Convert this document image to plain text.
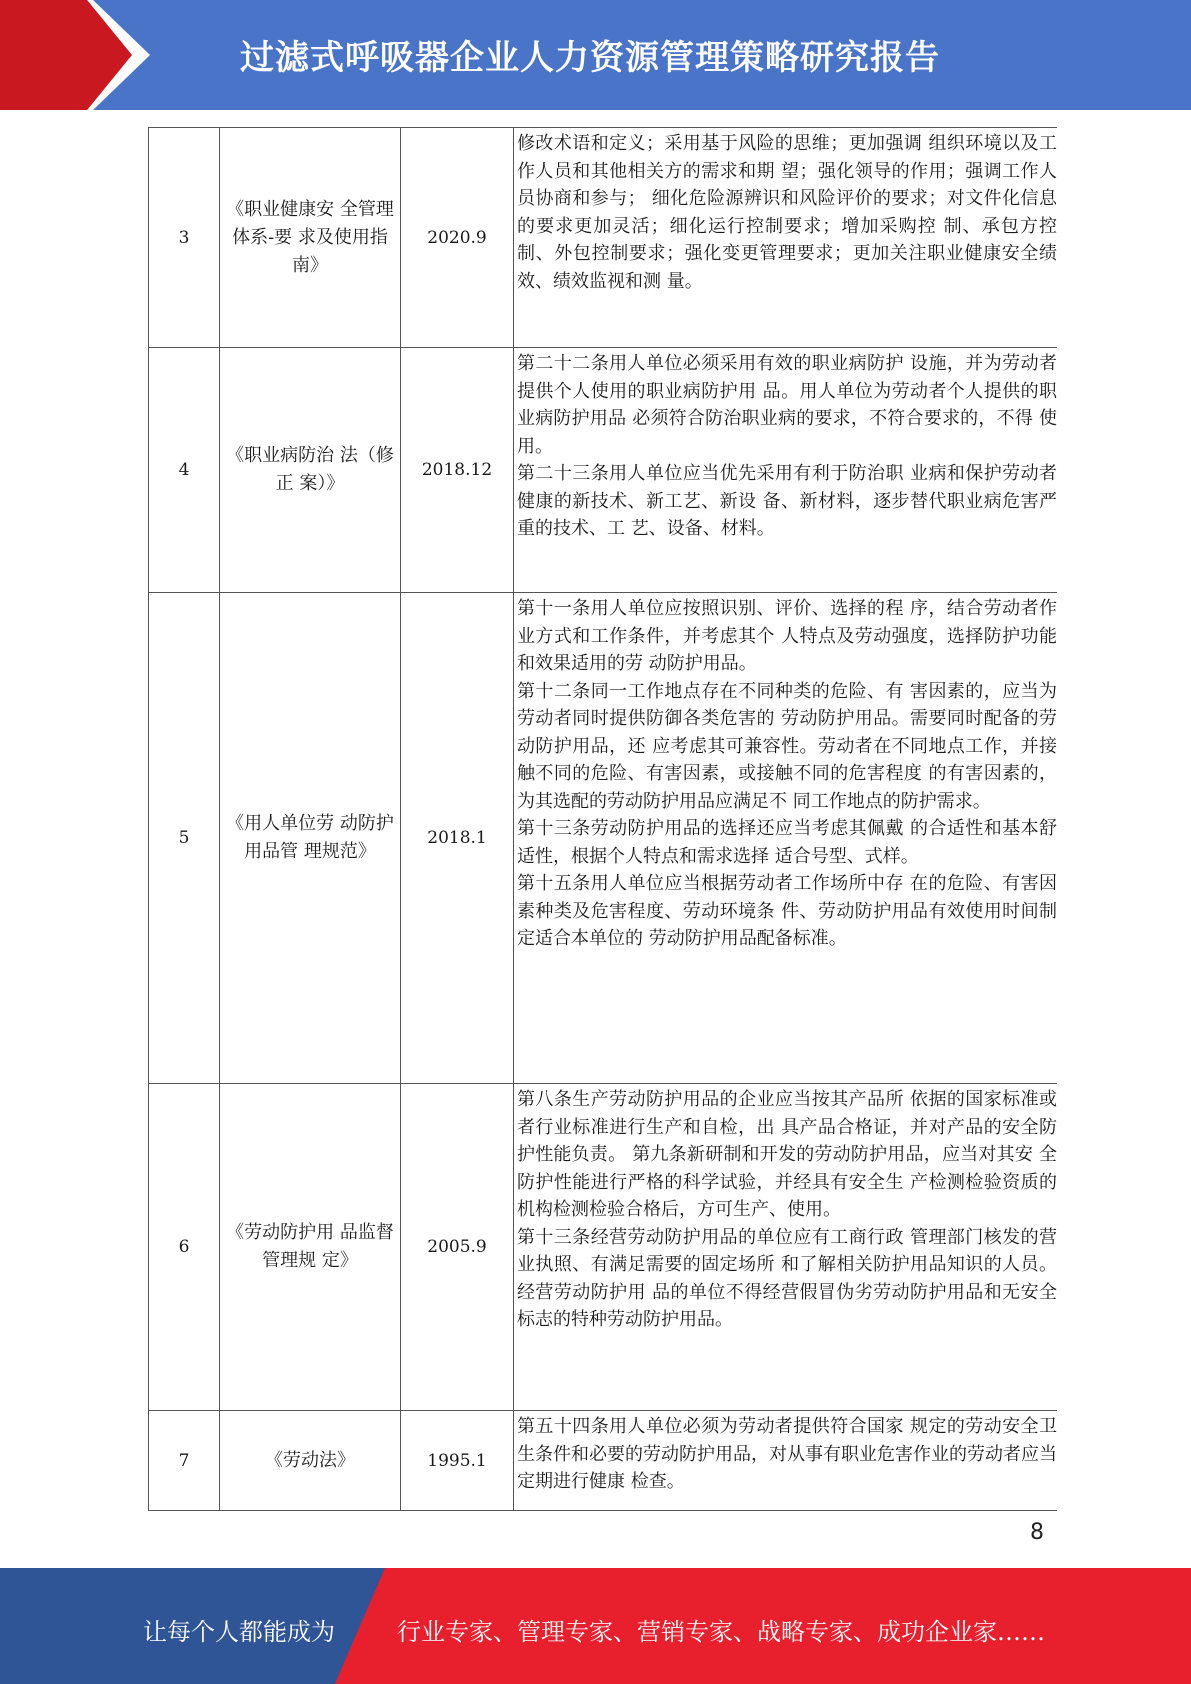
过滤式呼吸器企业人力资源管理策略研究报告
3	《职业健康安 全管理体系-要 求及使用指 南》	2020.9	修改术语和定义；采用基于风险的思维；更加强调 组织环境以及工作人员和其他相关方的需求和期 望；强化领导的作用；强调工作人员协商和参与； 细化危险源辨识和风险评价的要求；对文件化信息 的要求更加灵活；细化运行控制要求；增加采购控 制、承包方控制、外包控制要求；强化变更管理要求；更加关注职业健康安全绩效、绩效监视和测 量。

4	《职业病防治 法（修正 案）》	2018.12	第二十二条用人单位必须采用有效的职业病防护 设施，并为劳动者提供个人使用的职业病防护用 品。用人单位为劳动者个人提供的职业病防护用品 必须符合防治职业病的要求，不符合要求的，不得 使用。

第二十三条用人单位应当优先采用有利于防治职 业病和保护劳动者健康的新技术、新工艺、新设 备、新材料，逐步替代职业病危害严重的技术、工 艺、设备、材料。

5	《用人单位劳 动防护用品管 理规范》	2018.1	第十一条用人单位应按照识别、评价、选择的程 序，结合劳动者作业方式和工作条件，并考虑其个 人特点及劳动强度，选择防护功能和效果适用的劳 动防护用品。

第十二条同一工作地点存在不同种类的危险、有 害因素的，应当为劳动者同时提供防御各类危害的 劳动防护用品。需要同时配备的劳动防护用品，还 应考虑其可兼容性。劳动者在不同地点工作，并接 触不同的危险、有害因素，或接触不同的危害程度 的有害因素的，为其选配的劳动防护用品应满足不 同工作地点的防护需求。

第十三条劳动防护用品的选择还应当考虑其佩戴 的合适性和基本舒适性，根据个人特点和需求选择 适合号型、式样。

第十五条用人单位应当根据劳动者工作场所中存 在的危险、有害因素种类及危害程度、劳动环境条 件、劳动防护用品有效使用时间制定适合本单位的 劳动防护用品配备标准。

6	《劳动防护用 品监督管理规 定》	2005.9	第八条生产劳动防护用品的企业应当按其产品所 依据的国家标准或者行业标准进行生产和自检，出 具产品合格证，并对产品的安全防护性能负责。 第九条新研制和开发的劳动防护用品，应当对其安 全防护性能进行严格的科学试验，并经具有安全生 产检测检验资质的机构检测检验合格后，方可生产、使用。

第十三条经营劳动防护用品的单位应有工商行政 管理部门核发的营业执照、有满足需要的固定场所 和了解相关防护用品知识的人员。经营劳动防护用 品的单位不得经营假冒伪劣劳动防护用品和无安全 标志的特种劳动防护用品。

7	《劳动法》	1995.1	第五十四条用人单位必须为劳动者提供符合国家 规定的劳动安全卫生条件和必要的劳动防护用品，对从事有职业危害作业的劳动者应当定期进行健康 检查。

8
让每个人都能成为	行业专家、管理专家、营销专家、战略专家、成功企业家……
